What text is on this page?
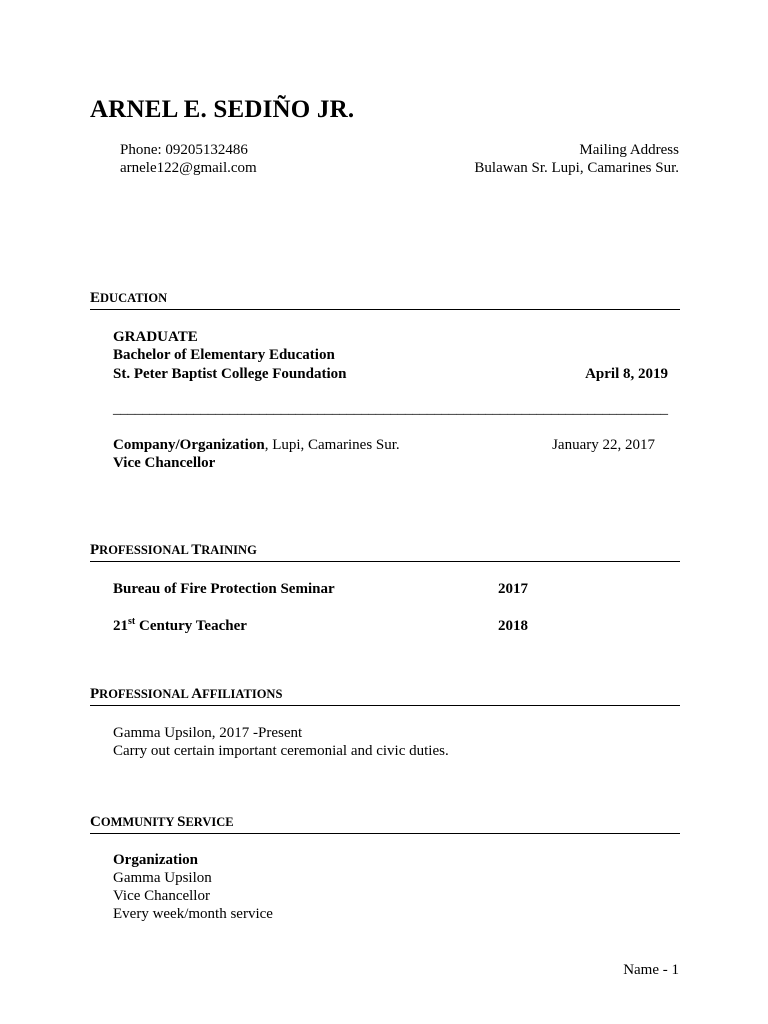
ARNEL E. SEDIÑO JR.
Phone: 09205132486
arnele122@gmail.com
Mailing Address
Bulawan Sr. Lupi, Camarines Sur.
EDUCATION
GRADUATE
Bachelor of Elementary Education
St. Peter Baptist College Foundation	April 8, 2019
____________________________________________________________________________
Company/Organization, Lupi, Camarines Sur.	January 22, 2017
Vice Chancellor
PROFESSIONAL TRAINING
Bureau of Fire Protection Seminar	2017
21st Century Teacher	2018
PROFESSIONAL AFFILIATIONS
Gamma Upsilon, 2017 -Present
Carry out certain important ceremonial and civic duties.
COMMUNITY SERVICE
Organization
Gamma Upsilon
Vice Chancellor
Every week/month service
Name - 1
